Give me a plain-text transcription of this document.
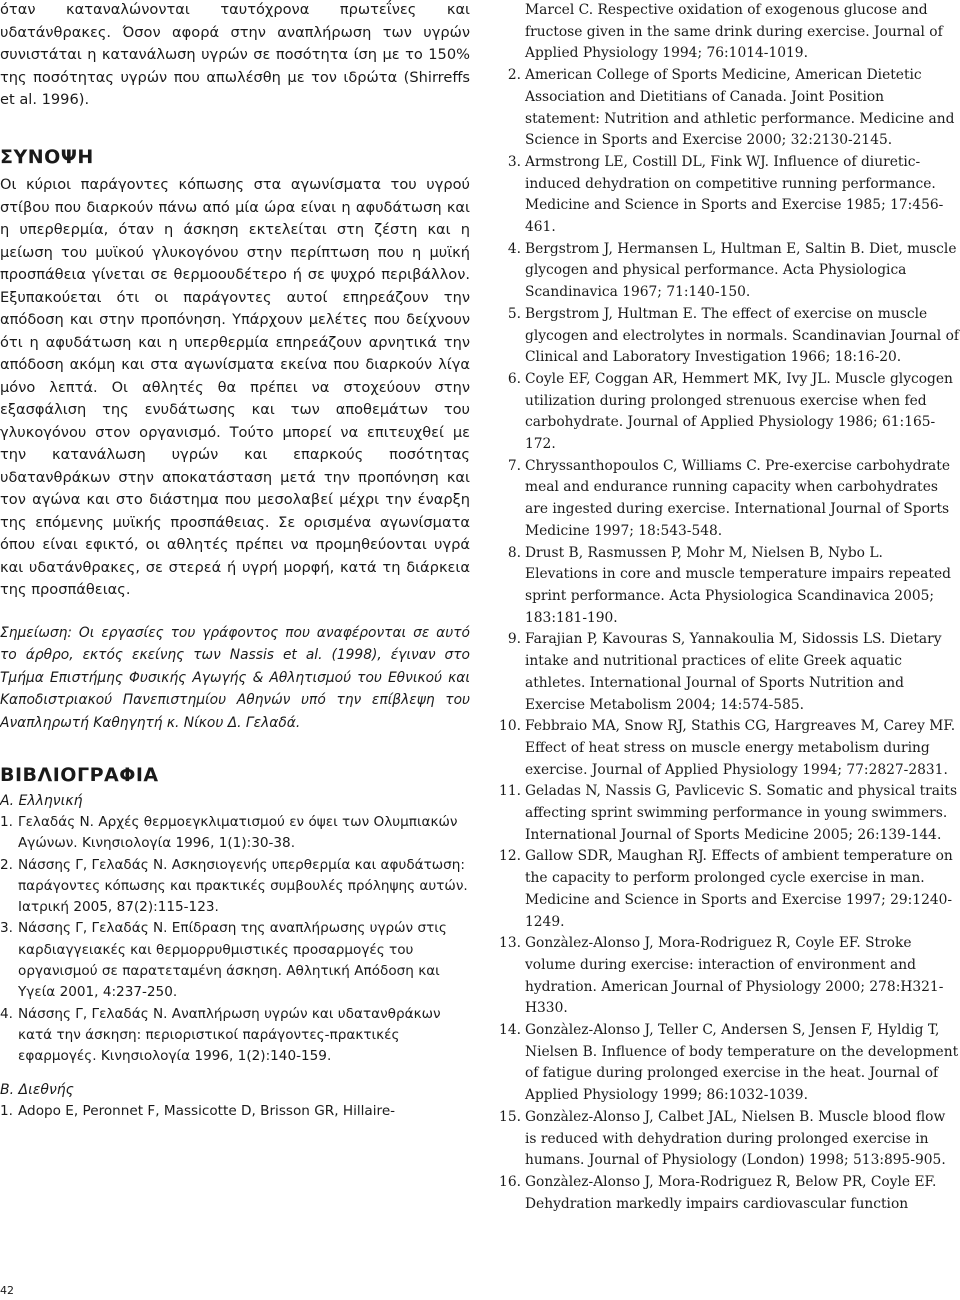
όταν καταναλώνονται ταυτόχρονα πρωτεΐνες και υδατάνθρακες. Όσον αφορά στην αναπλήρωση των υγρών συνιστάται η κατανάλωση υγρών σε ποσότητα ίση με το 150% της ποσότητας υγρών που απωλέσθη με τον ιδρώτα (Shirreffs et al. 1996).

ΣΥΝΟΨΗ

Οι κύριοι παράγοντες κόπωσης στα αγωνίσματα του υγρού στίβου που διαρκούν πάνω από μία ώρα είναι η αφυδάτωση και η υπερθερμία, όταν η άσκηση εκτελείται στη ζέστη και η μείωση του μυϊκού γλυκογόνου στην περίπτωση που η μυϊκή προσπάθεια γίνεται σε θερμοουδέτερο ή σε ψυχρό περιβάλλον. Εξυπακούεται ότι οι παράγοντες αυτοί επηρεάζουν την απόδοση και στην προπόνηση. Υπάρχουν μελέτες που δείχνουν ότι η αφυδάτωση και η υπερθερμία επηρεάζουν αρνητικά την απόδοση ακόμη και στα αγωνίσματα εκείνα που διαρκούν λίγα μόνο λεπτά. Οι αθλητές θα πρέπει να στοχεύουν στην εξασφάλιση της ενυδάτωσης και των αποθεμάτων του γλυκογόνου στον οργανισμό. Τούτο μπορεί να επιτευχθεί με την κατανάλωση υγρών και επαρκούς ποσότητας υδατανθράκων στην αποκατάσταση μετά την προπόνηση και τον αγώνα και στο διάστημα που μεσολαβεί μέχρι την έναρξη της επόμενης μυϊκής προσπάθειας. Σε ορισμένα αγωνίσματα όπου είναι εφικτό, οι αθλητές πρέπει να προμηθεύονται υγρά και υδατάνθρακες, σε στερεά ή υγρή μορφή, κατά τη διάρκεια της προσπάθειας.

Σημείωση: Οι εργασίες του γράφοντος που αναφέρονται σε αυτό το άρθρο, εκτός εκείνης των Nassis et al. (1998), έγιναν στο Τμήμα Επιστήμης Φυσικής Αγωγής & Αθλητισμού του Εθνικού και Καποδιστριακού Πανεπιστημίου Αθηνών υπό την επίβλεψη του Αναπληρωτή Καθηγητή κ. Νίκου Δ. Γελαδά.

ΒΙΒΛΙΟΓΡΑΦΙΑ

Α. Ελληνική

1. Γελαδάς Ν. Αρχές θερμοεγκλιματισμού εν όψει των Ολυμπιακών Αγώνων. Κινησιολογία 1996, 1(1):30-38.
2. Νάσσης Γ, Γελαδάς Ν. Ασκησιογενής υπερθερμία και αφυδάτωση: παράγοντες κόπωσης και πρακτικές συμβουλές πρόληψης αυτών. Ιατρική 2005, 87(2):115-123.
3. Νάσσης Γ, Γελαδάς Ν. Επίδραση της αναπλήρωσης υγρών στις καρδιαγγειακές και θερμορρυθμιστικές προσαρμογές του οργανισμού σε παρατεταμένη άσκηση. Αθλητική Απόδοση και Υγεία 2001, 4:237-250.
4. Νάσσης Γ, Γελαδάς Ν. Αναπλήρωση υγρών και υδατανθράκων κατά την άσκηση: περιοριστικοί παράγοντες-πρακτικές εφαρμογές. Κινησιολογία 1996, 1(2):140-159.

Β. Διεθνής

1. Adopo E, Peronnet F, Massicotte D, Brisson GR, Hillaire-
Marcel C. Respective oxidation of exogenous glucose and fructose given in the same drink during exercise. Journal of Applied Physiology 1994; 76:1014-1019.
2. American College of Sports Medicine, American Dietetic Association and Dietitians of Canada. Joint Position statement: Nutrition and athletic performance. Medicine and Science in Sports and Exercise 2000; 32:2130-2145.
3. Armstrong LE, Costill DL, Fink WJ. Influence of diuretic-induced dehydration on competitive running performance. Medicine and Science in Sports and Exercise 1985; 17:456-461.
4. Bergstrom J, Hermansen L, Hultman E, Saltin B. Diet, muscle glycogen and physical performance. Acta Physiologica Scandinavica 1967; 71:140-150.
5. Bergstrom J, Hultman E. The effect of exercise on muscle glycogen and electrolytes in normals. Scandinavian Journal of Clinical and Laboratory Investigation 1966; 18:16-20.
6. Coyle EF, Coggan AR, Hemmert MK, Ivy JL. Muscle glycogen utilization during prolonged strenuous exercise when fed carbohydrate. Journal of Applied Physiology 1986; 61:165-172.
7. Chryssanthopoulos C, Williams C. Pre-exercise carbohydrate meal and endurance running capacity when carbohydrates are ingested during exercise. International Journal of Sports Medicine 1997; 18:543-548.
8. Drust B, Rasmussen P, Mohr M, Nielsen B, Nybo L. Elevations in core and muscle temperature impairs repeated sprint performance. Acta Physiologica Scandinavica 2005; 183:181-190.
9. Farajian P, Kavouras S, Yannakoulia M, Sidossis LS. Dietary intake and nutritional practices of elite Greek aquatic athletes. International Journal of Sports Nutrition and Exercise Metabolism 2004; 14:574-585.
10. Febbraio MA, Snow RJ, Stathis CG, Hargreaves M, Carey MF. Effect of heat stress on muscle energy metabolism during exercise. Journal of Applied Physiology 1994; 77:2827-2831.
11. Geladas N, Nassis G, Pavlicevic S. Somatic and physical traits affecting sprint swimming performance in young swimmers. International Journal of Sports Medicine 2005; 26:139-144.
12. Gallow SDR, Maughan RJ. Effects of ambient temperature on the capacity to perform prolonged cycle exercise in man. Medicine and Science in Sports and Exercise 1997; 29:1240-1249.
13. Gonzàlez-Alonso J, Mora-Rodriguez R, Coyle EF. Stroke volume during exercise: interaction of environment and hydration. American Journal of Physiology 2000; 278:H321-H330.
14. Gonzàlez-Alonso J, Teller C, Andersen S, Jensen F, Hyldig T, Nielsen B. Influence of body temperature on the development of fatigue during prolonged exercise in the heat. Journal of Applied Physiology 1999; 86:1032-1039.
15. Gonzàlez-Alonso J, Calbet JAL, Nielsen B. Muscle blood flow is reduced with dehydration during prolonged exercise in humans. Journal of Physiology (London) 1998; 513:895-905.
16. Gonzàlez-Alonso J, Mora-Rodriguez R, Below PR, Coyle EF. Dehydration markedly impairs cardiovascular function
42
